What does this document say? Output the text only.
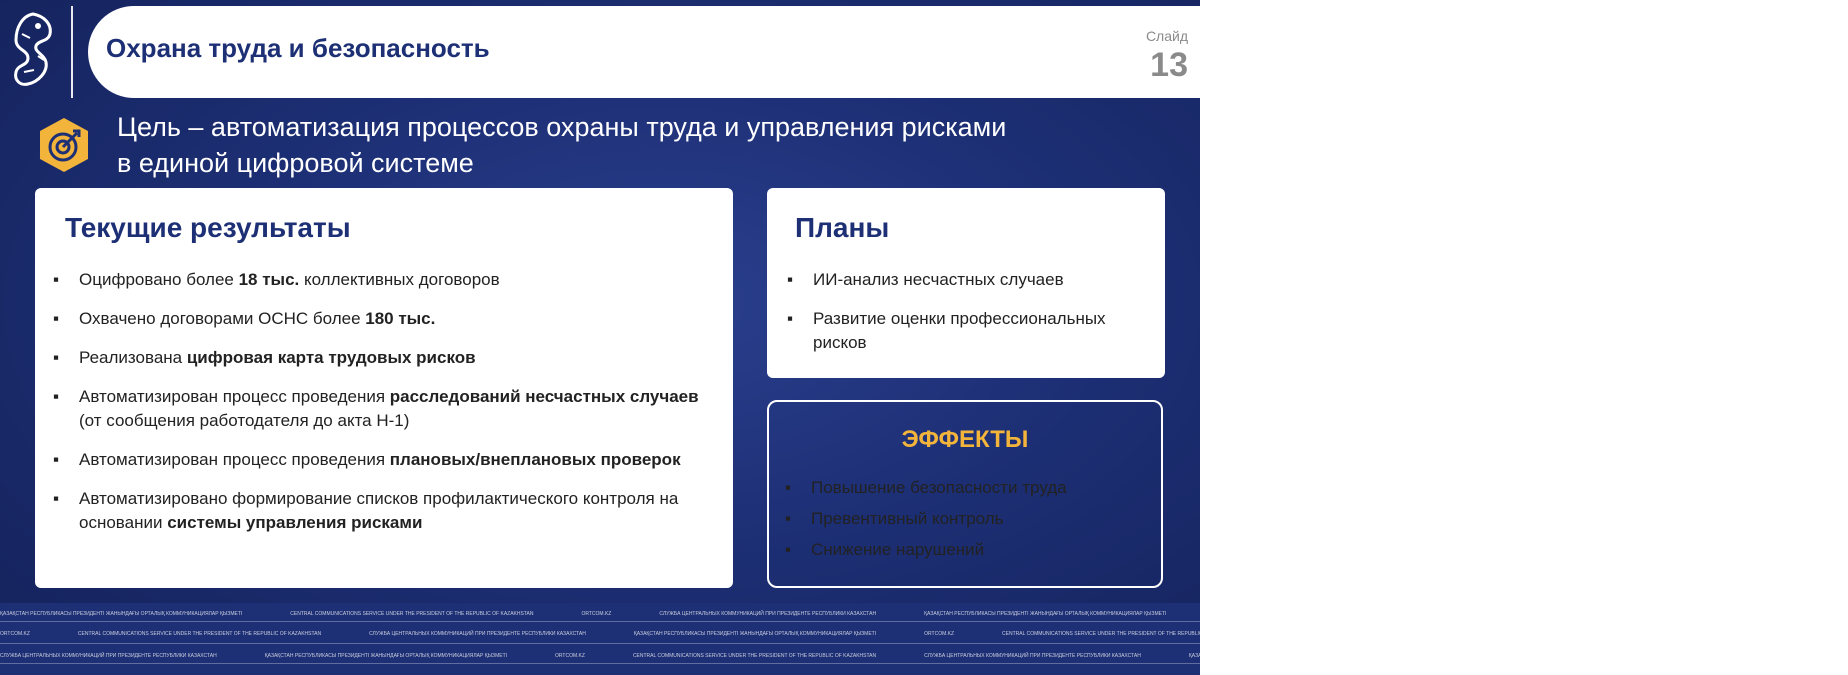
Охрана труда и безопасность	Слайд
13

Цель – автоматизация процессов охраны труда и управления рисками в единой цифровой системе

Текущие результаты
▪ Оцифровано более 18 тыс. коллективных договоров
▪ Охвачено договорами ОСНС более 180 тыс.
▪ Реализована цифровая карта трудовых рисков
▪ Автоматизирован процесс проведения расследований несчастных случаев (от сообщения работодателя до акта Н-1)
▪ Автоматизирован процесс проведения плановых/внеплановых проверок
▪ Автоматизировано формирование списков профилактического контроля на основании системы управления рисками
Планы
▪ ИИ-анализ несчастных случаев
▪ Развитие оценки профессиональных рисков
ЭФФЕКТЫ
▪ Повышение безопасности труда
▪ Превентивный контроль
▪ Снижение нарушений
ҚАЗАҚСТАН РЕСПУБЛИКАСЫ ПРЕЗИДЕНТІ ЖАНЫНДАҒЫ ОРТАЛЫҚ КОММУНИКАЦИЯЛАР ҚЫЗМЕТІ	CENTRAL COMMUNICATIONS SERVICE UNDER THE PRESIDENT OF THE REPUBLIC OF KAZAKHSTAN	ORTCOM.KZ	СЛУЖБА ЦЕНТРАЛЬНЫХ КОММУНИКАЦИЙ ПРИ ПРЕЗИДЕНТЕ РЕСПУБЛИКИ КАЗАХСТАН	ҚАЗАҚСТАН РЕСПУБЛИКАСЫ ПРЕЗИДЕНТІ ЖАНЫНДАҒЫ ОРТАЛЫҚ КОММУНИКАЦИЯЛАР ҚЫЗМЕТІ	ORTCOM.KZ	CENTRAL COMMUNICATIONS SERVICE UNDER THE PRESIDENT OF THE REPUBLIC OF KAZAKHSTAN	СЛУЖБА ЦЕНТРАЛЬНЫХ КОММУНИКАЦИЙ ПРИ ПРЕЗИДЕНТЕ РЕСПУБЛИКИ КАЗАХСТАН
ORTCOM.KZ	CENTRAL COMMUNICATIONS SERVICE UNDER THE PRESIDENT OF THE REPUBLIC OF KAZAKHSTAN	СЛУЖБА ЦЕНТРАЛЬНЫХ КОММУНИКАЦИЙ ПРИ ПРЕЗИДЕНТЕ РЕСПУБЛИКИ КАЗАХСТАН	ҚАЗАҚСТАН РЕСПУБЛИКАСЫ ПРЕЗИДЕНТІ ЖАНЫНДАҒЫ ОРТАЛЫҚ КОММУНИКАЦИЯЛАР ҚЫЗМЕТІ	ORTCOM.KZ	CENTRAL COMMUNICATIONS SERVICE UNDER THE PRESIDENT OF THE REPUBLIC OF KAZAKHSTAN	СЛУЖБА ЦЕНТРАЛЬНЫХ КОММУНИКАЦИЙ ПРИ ПРЕЗИДЕНТЕ РЕСПУБЛИКИ КАЗАХСТАН	ҚАЗАҚСТАН РЕСПУБЛИКАСЫ ПРЕЗИДЕНТІ ЖАНЫНДАҒЫ ОРТАЛЫҚ КОММУНИКАЦИЯЛАР ҚЫЗМЕТІ
СЛУЖБА ЦЕНТРАЛЬНЫХ КОММУНИКАЦИЙ ПРИ ПРЕЗИДЕНТЕ РЕСПУБЛИКИ КАЗАХСТАН	ҚАЗАҚСТАН РЕСПУБЛИКАСЫ ПРЕЗИДЕНТІ ЖАНЫНДАҒЫ ОРТАЛЫҚ КОММУНИКАЦИЯЛАР ҚЫЗМЕТІ	ORTCOM.KZ	CENTRAL COMMUNICATIONS SERVICE UNDER THE PRESIDENT OF THE REPUBLIC OF KAZAKHSTAN	СЛУЖБА ЦЕНТРАЛЬНЫХ КОММУНИКАЦИЙ ПРИ ПРЕЗИДЕНТЕ РЕСПУБЛИКИ КАЗАХСТАН	ҚАЗАҚСТАН РЕСПУБЛИКАСЫ ПРЕЗИДЕНТІ ЖАНЫНДАҒЫ ОРТАЛЫҚ КОММУНИКАЦИЯЛАР ҚЫЗМЕТІ	ORTCOM.KZ	CENTRAL COMMUNICATIONS SERVICE UNDER THE PRESIDENT OF THE REPUBLIC OF KAZAKHSTAN
